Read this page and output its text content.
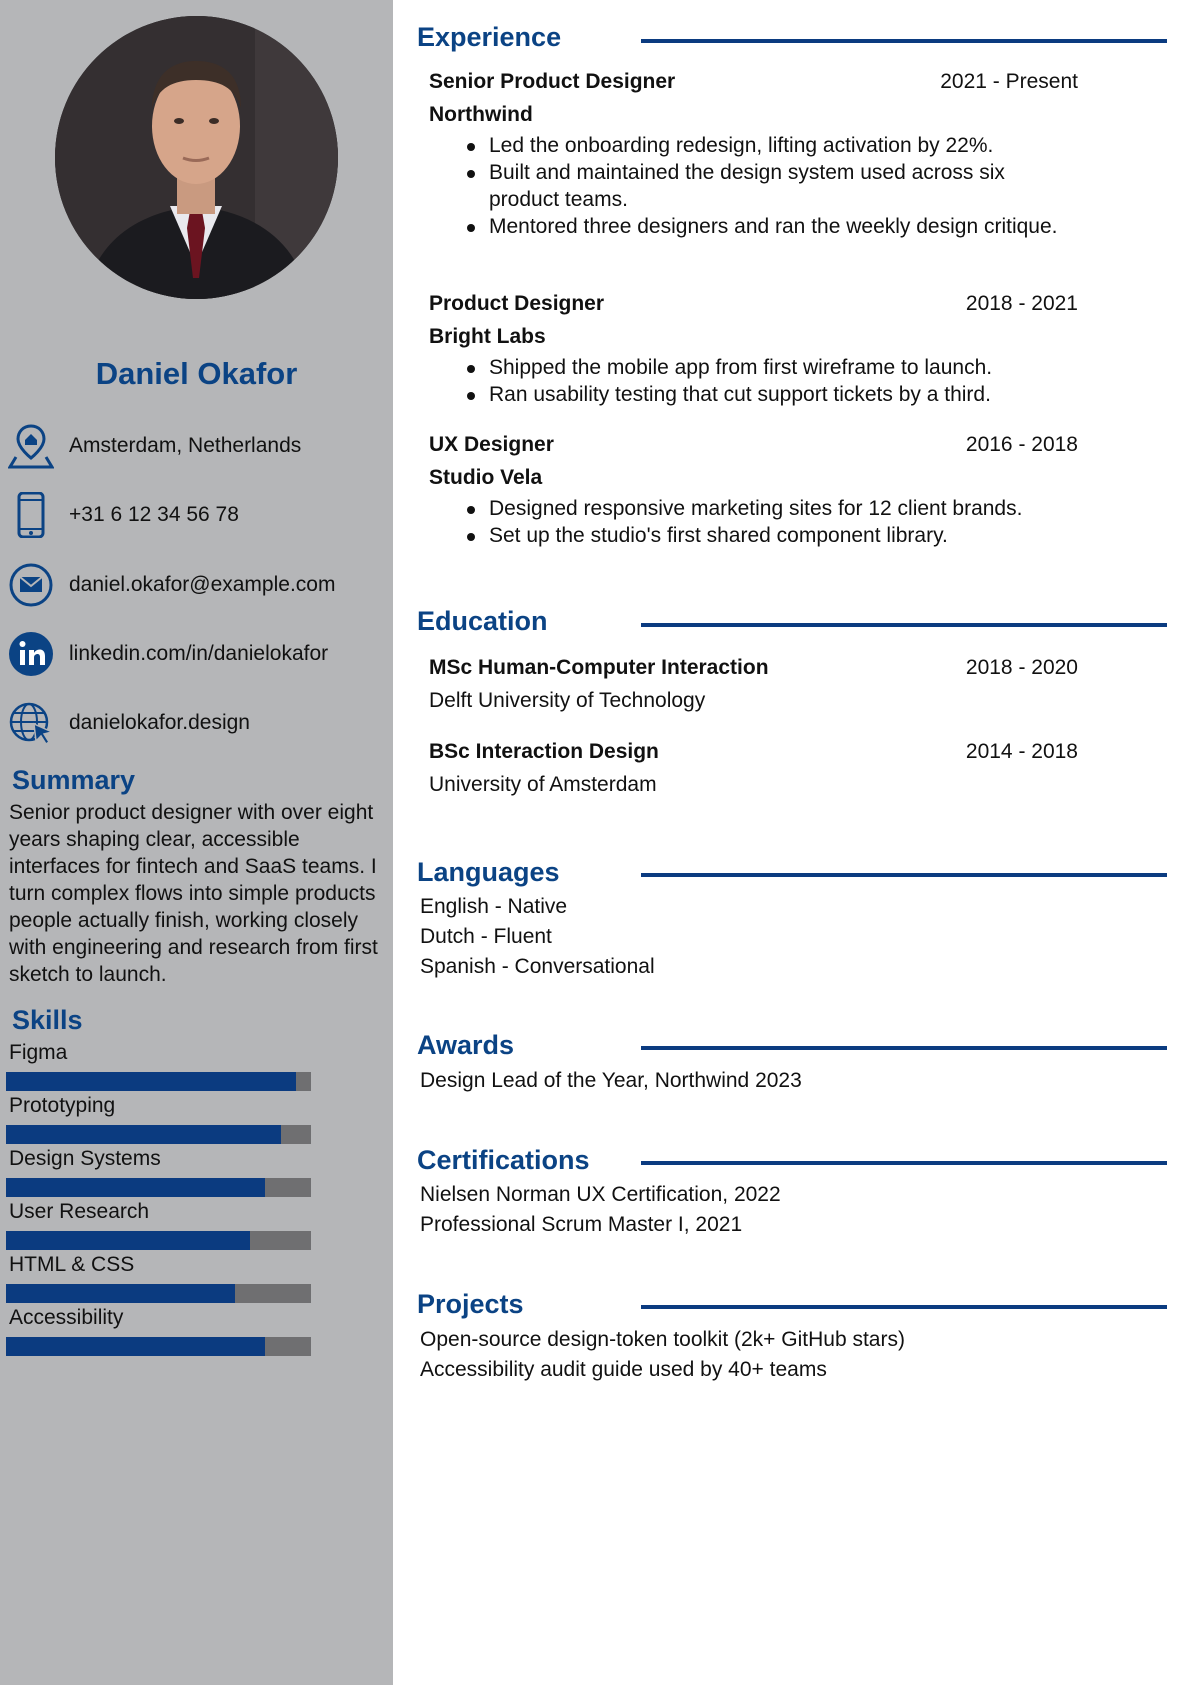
Daniel Okafor
Amsterdam, Netherlands
+31 6 12 34 56 78
daniel.okafor@example.com
linkedin.com/in/danielokafor
danielokafor.design
Summary
Senior product designer with over eight years shaping clear, accessible interfaces for fintech and SaaS teams. I turn complex flows into simple products people actually finish, working closely with engineering and research from first sketch to launch.
Skills
Figma
Prototyping
Design Systems
User Research
HTML & CSS
Accessibility
Experience
Senior Product Designer	2021 - Present
Northwind
Led the onboarding redesign, lifting activation by 22%.
Built and maintained the design system used across six product teams.
Mentored three designers and ran the weekly design critique.
Product Designer	2018 - 2021
Bright Labs
Shipped the mobile app from first wireframe to launch.
Ran usability testing that cut support tickets by a third.
UX Designer	2016 - 2018
Studio Vela
Designed responsive marketing sites for 12 client brands.
Set up the studio's first shared component library.
Education
MSc Human-Computer Interaction	2018 - 2020
Delft University of Technology
BSc Interaction Design	2014 - 2018
University of Amsterdam
Languages
English - Native
Dutch - Fluent
Spanish - Conversational
Awards
Design Lead of the Year, Northwind 2023
Certifications
Nielsen Norman UX Certification, 2022
Professional Scrum Master I, 2021
Projects
Open-source design-token toolkit (2k+ GitHub stars)
Accessibility audit guide used by 40+ teams
